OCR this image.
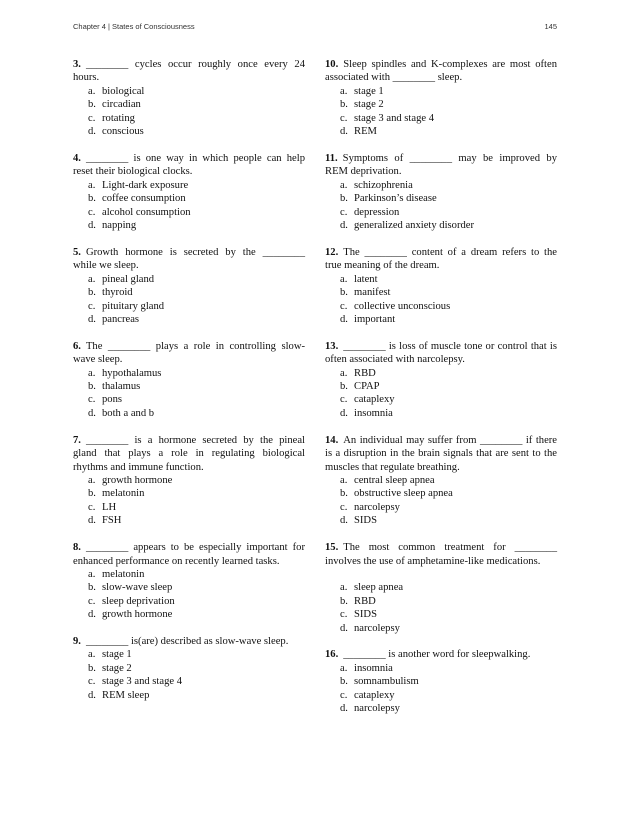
Chapter 4 | States of Consciousness	145
3. ________ cycles occur roughly once every 24 hours.
a. biological
b. circadian
c. rotating
d. conscious
4. ________ is one way in which people can help reset their biological clocks.
a. Light-dark exposure
b. coffee consumption
c. alcohol consumption
d. napping
5. Growth hormone is secreted by the ________ while we sleep.
a. pineal gland
b. thyroid
c. pituitary gland
d. pancreas
6. The ________ plays a role in controlling slow-wave sleep.
a. hypothalamus
b. thalamus
c. pons
d. both a and b
7. ________ is a hormone secreted by the pineal gland that plays a role in regulating biological rhythms and immune function.
a. growth hormone
b. melatonin
c. LH
d. FSH
8. ________ appears to be especially important for enhanced performance on recently learned tasks.
a. melatonin
b. slow-wave sleep
c. sleep deprivation
d. growth hormone
9. ________ is(are) described as slow-wave sleep.
a. stage 1
b. stage 2
c. stage 3 and stage 4
d. REM sleep
10. Sleep spindles and K-complexes are most often associated with ________ sleep.
a. stage 1
b. stage 2
c. stage 3 and stage 4
d. REM
11. Symptoms of ________ may be improved by REM deprivation.
a. schizophrenia
b. Parkinson’s disease
c. depression
d. generalized anxiety disorder
12. The ________ content of a dream refers to the true meaning of the dream.
a. latent
b. manifest
c. collective unconscious
d. important
13. ________ is loss of muscle tone or control that is often associated with narcolepsy.
a. RBD
b. CPAP
c. cataplexy
d. insomnia
14. An individual may suffer from ________ if there is a disruption in the brain signals that are sent to the muscles that regulate breathing.
a. central sleep apnea
b. obstructive sleep apnea
c. narcolepsy
d. SIDS
15. The most common treatment for ________ involves the use of amphetamine-like medications.
a. sleep apnea
b. RBD
c. SIDS
d. narcolepsy
16. ________ is another word for sleepwalking.
a. insomnia
b. somnambulism
c. cataplexy
d. narcolepsy
